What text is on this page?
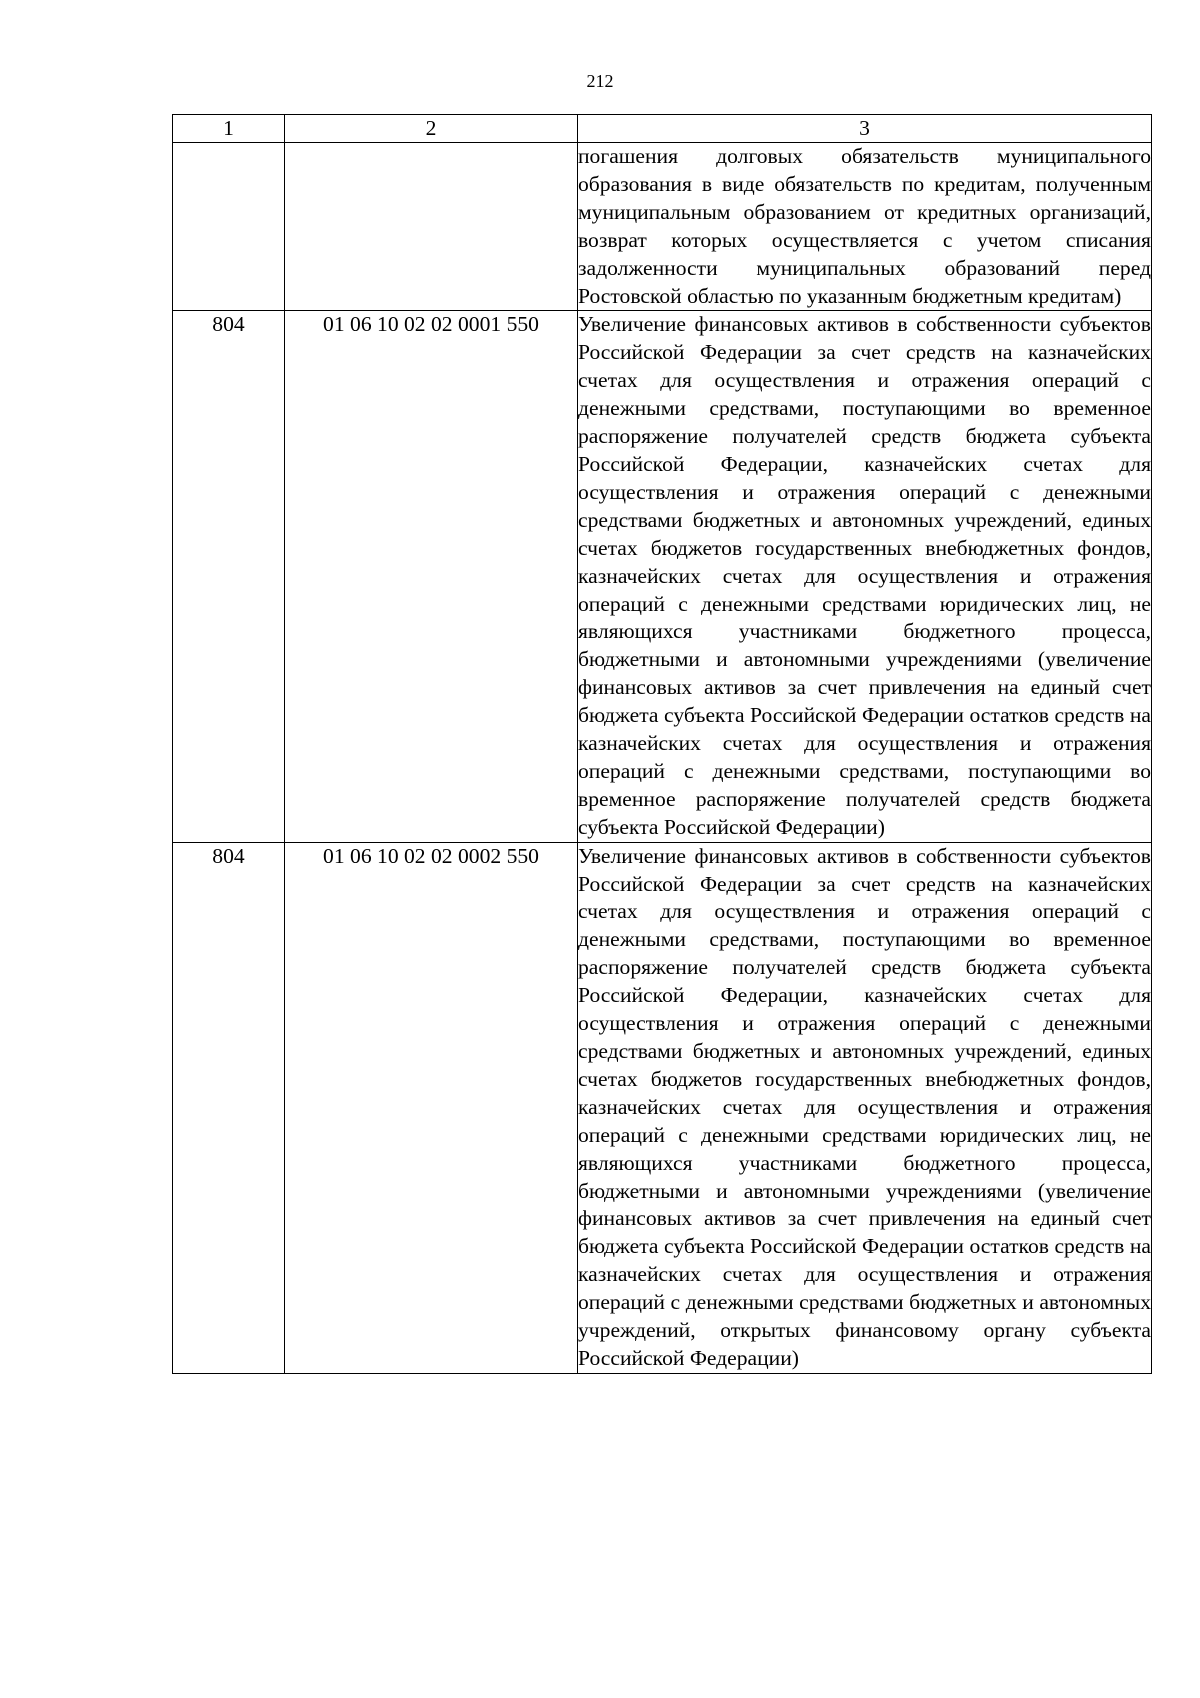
212
1	2	3
		погашения долговых обязательств муниципального образования в виде обязательств по кредитам, полученным муниципальным образованием от кредитных организаций, возврат которых осуществляется с учетом списания задолженности муниципальных образований перед Ростовской областью по указанным бюджетным кредитам)
804	01 06 10 02 02 0001 550	Увеличение финансовых активов в собственности субъектов Российской Федерации за счет средств на казначейских счетах для осуществления и отражения операций с денежными средствами, поступающими во временное распоряжение получателей средств бюджета субъекта Российской Федерации, казначейских счетах для осуществления и отражения операций с денежными средствами бюджетных и автономных учреждений, единых счетах бюджетов государственных внебюджетных фондов, казначейских счетах для осуществления и отражения операций с денежными средствами юридических лиц, не являющихся участниками бюджетного процесса, бюджетными и автономными учреждениями (увеличение финансовых активов за счет привлечения на единый счет бюджета субъекта Российской Федерации остатков средств на казначейских счетах для осуществления и отражения операций с денежными средствами, поступающими во временное распоряжение получателей средств бюджета субъекта Российской Федерации)
804	01 06 10 02 02 0002 550	Увеличение финансовых активов в собственности субъектов Российской Федерации за счет средств на казначейских счетах для осуществления и отражения операций с денежными средствами, поступающими во временное распоряжение получателей средств бюджета субъекта Российской Федерации, казначейских счетах для осуществления и отражения операций с денежными средствами бюджетных и автономных учреждений, единых счетах бюджетов государственных внебюджетных фондов, казначейских счетах для осуществления и отражения операций с денежными средствами юридических лиц, не являющихся участниками бюджетного процесса, бюджетными и автономными учреждениями (увеличение финансовых активов за счет привлечения на единый счет бюджета субъекта Российской Федерации остатков средств на казначейских счетах для осуществления и отражения операций с денежными средствами бюджетных и автономных учреждений, открытых финансовому органу субъекта Российской Федерации)
